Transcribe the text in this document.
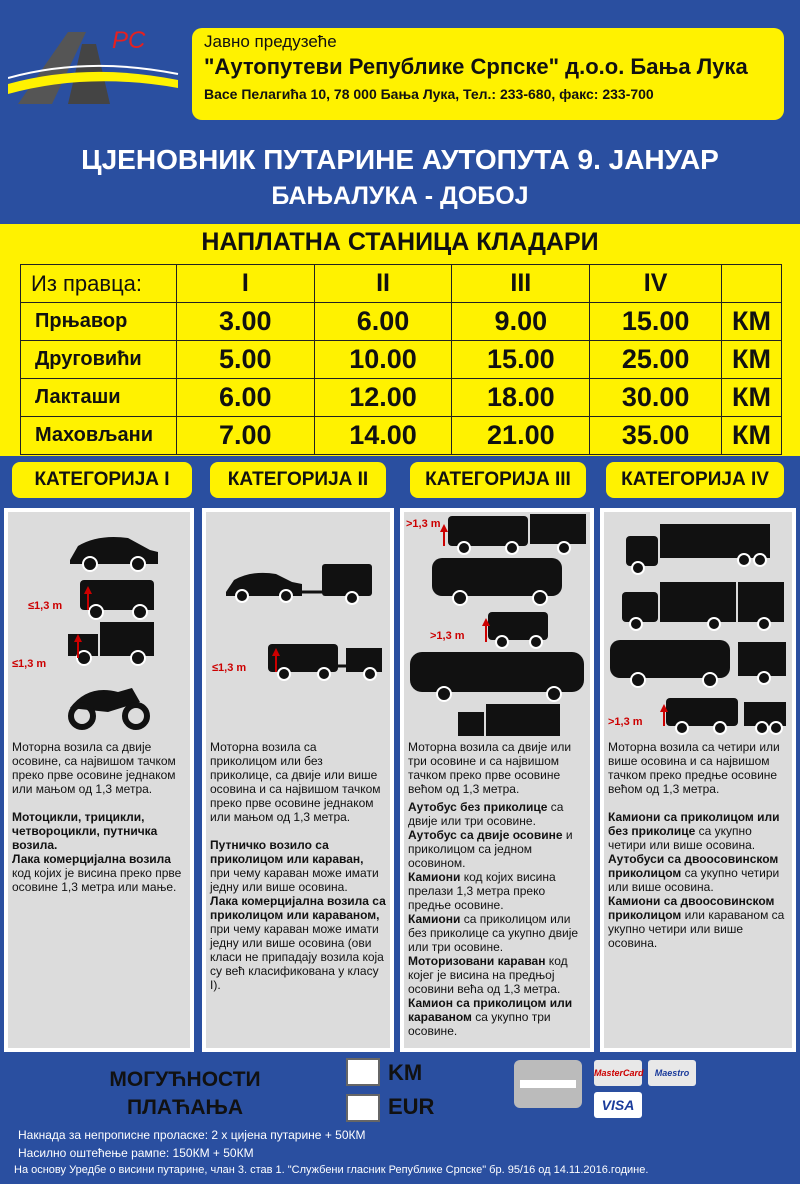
PC	Јавно предузеће
"Аутопутеви Републике Српске" д.о.о. Бања Лука
Васе Пелагића 10, 78 000 Бања Лука, Тел.: 233-680, факс: 233-700
ЦЈЕНОВНИК ПУТАРИНЕ АУТОПУТА 9. ЈАНУАР
БАЊАЛУКА - ДОБОЈ
НАПЛАТНА СТАНИЦА КЛАДАРИ
Из правца:	I	II	III	IV	
Прњавор	3.00	6.00	9.00	15.00	КМ
Друговићи	5.00	10.00	15.00	25.00	КМ
Лакташи	6.00	12.00	18.00	30.00	КМ
Маховљани	7.00	14.00	21.00	35.00	КМ
КАТЕГОРИЈА I	КАТЕГОРИЈА II	КАТЕГОРИЈА III	КАТЕГОРИЈА IV
≤1,3 m
≤1,3 m

Моторна возила са двије осовине, са највишом тачком преко прве осовине једнаком или мањом од 1,3 метра.

Мотоцикли, трицикли, четвороцикли, путничка возила.
Лака комерцијална возила код којих је висина преко прве осовине 1,3 метра или мање.

≤1,3 m

Моторна возила са приколицом или без приколице, са двије или више осовина и са највишом тачком преко прве осовине једнаком или мањом од 1,3 метра.

Путничко возило са приколицом или караван, при чему караван може имати једну или више осовина.
Лака комерцијална возила са приколицом или караваном, при чему караван може имати једну или више осовина (ови класи не припадају возила која су већ класификована у класу I).

>1,3 m
>1,3 m

Моторна возила са двије или три осовине и са највишом тачком преко прве осовине већом од 1,3 метра.

Аутобус без приколице са двије или три осовине.
Аутобус са двије осовине и приколицом са једном осовином.
Камиони код којих висина прелази 1,3 метра преко предње осовине.
Камиони са приколицом или без приколице са укупно двије или три осовине.
Моторизовани караван код којег је висина на предњој осовини већа од 1,3 метра.
Камион са приколицом или караваном са укупно три осовине.
>1,3 m

Моторна возила са четири или више осовина и са највишом тачком преко предње осовине већом од 1,3 метра.

Камиони са приколицом или без приколице са укупно четири или више осовина.
Аутобуси са двоосовинском приколицом са укупно четири или више осовина.
Камиони са двоосовинском приколицом или караваном са укупно четири или више осовина.
МОГУЋНОСТИ
ПЛАЋАЊА
KM
EUR
MasterCard	Maestro
VISA
Накнада за непрописне проласке: 2 х цијена путарине + 50КМ
Насилно оштећење рампе: 150КМ + 50КМ
На основу Уредбе о висини путарине, члан 3. став 1. "Службени гласник Републике Српске" бр. 95/16 од 14.11.2016.године.
